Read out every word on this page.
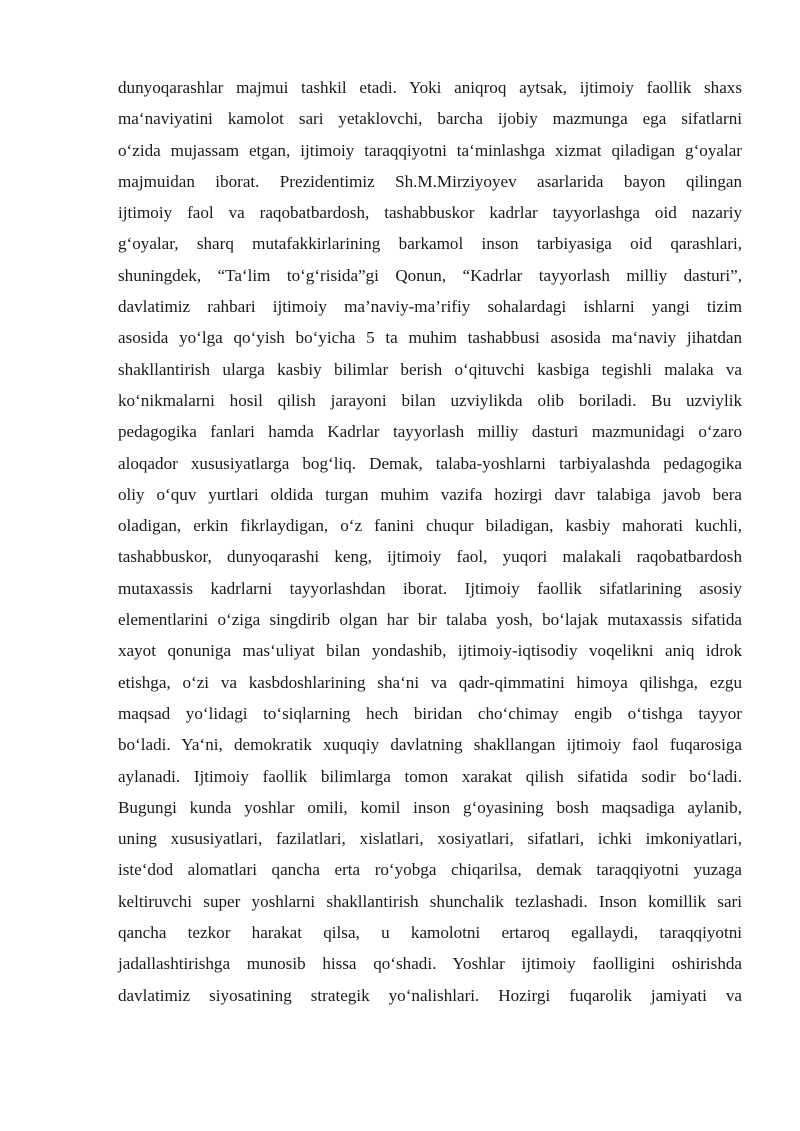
dunyoqarashlar majmui tashkil etadi. Yoki aniqroq aytsak, ijtimoiy faollik shaxs
ma‘naviyatini kamolot sari yetaklovchi, barcha ijobiy mazmunga ega sifatlarni
o‘zida mujassam etgan, ijtimoiy taraqqiyotni ta‘minlashga xizmat qiladigan g‘oyalar
majmuidan iborat. Prezidentimiz Sh.M.Mirziyoyev asarlarida bayon qilingan
ijtimoiy faol va raqobatbardosh, tashabbuskor kadrlar tayyorlashga oid nazariy
g‘oyalar, sharq mutafakkirlarining barkamol inson tarbiyasiga oid qarashlari,
shuningdek, “Ta‘lim to‘g‘risida”gi Qonun, “Kadrlar tayyorlash milliy dasturi”,
davlatimiz rahbari ijtimoiy ma’naviy-ma’rifiy sohalardagi ishlarni yangi tizim
asosida yo‘lga qo‘yish bo‘yicha 5 ta muhim tashabbusi asosida ma‘naviy jihatdan
shakllantirish ularga kasbiy bilimlar berish o‘qituvchi kasbiga tegishli malaka va
ko‘nikmalarni hosil qilish jarayoni bilan uzviylikda olib boriladi. Bu uzviylik
pedagogika fanlari hamda Kadrlar tayyorlash milliy dasturi mazmunidagi o‘zaro
aloqador xususiyatlarga bog‘liq. Demak, talaba-yoshlarni tarbiyalashda pedagogika
oliy o‘quv yurtlari oldida turgan muhim vazifa hozirgi davr talabiga javob bera
oladigan, erkin fikrlaydigan, o‘z fanini chuqur biladigan, kasbiy mahorati kuchli,
tashabbuskor, dunyoqarashi keng, ijtimoiy faol, yuqori malakali raqobatbardosh
mutaxassis kadrlarni tayyorlashdan iborat. Ijtimoiy faollik sifatlarining asosiy
elementlarini o‘ziga singdirib olgan har bir talaba yosh, bo‘lajak mutaxassis sifatida
xayot qonuniga mas‘uliyat bilan yondashib, ijtimoiy-iqtisodiy voqelikni aniq idrok
etishga, o‘zi va kasbdoshlarining sha‘ni va qadr-qimmatini himoya qilishga, ezgu
maqsad yo‘lidagi to‘siqlarning hech biridan cho‘chimay engib o‘tishga tayyor
bo‘ladi. Ya‘ni, demokratik xuquqiy davlatning shakllangan ijtimoiy faol fuqarosiga
aylanadi. Ijtimoiy faollik bilimlarga tomon xarakat qilish sifatida sodir bo‘ladi.
Bugungi kunda yoshlar omili, komil inson g‘oyasining bosh maqsadiga aylanib,
uning xususiyatlari, fazilatlari, xislatlari, xosiyatlari, sifatlari, ichki imkoniyatlari,
iste‘dod alomatlari qancha erta ro‘yobga chiqarilsa, demak taraqqiyotni yuzaga
keltiruvchi super yoshlarni shakllantirish shunchalik tezlashadi. Inson komillik sari
qancha tezkor harakat qilsa, u kamolotni ertaroq egallaydi, taraqqiyotni
jadallashtirishga munosib hissa qo‘shadi. Yoshlar ijtimoiy faolligini oshirishda
davlatimiz siyosatining strategik yo‘nalishlari. Hozirgi fuqarolik jamiyati va
